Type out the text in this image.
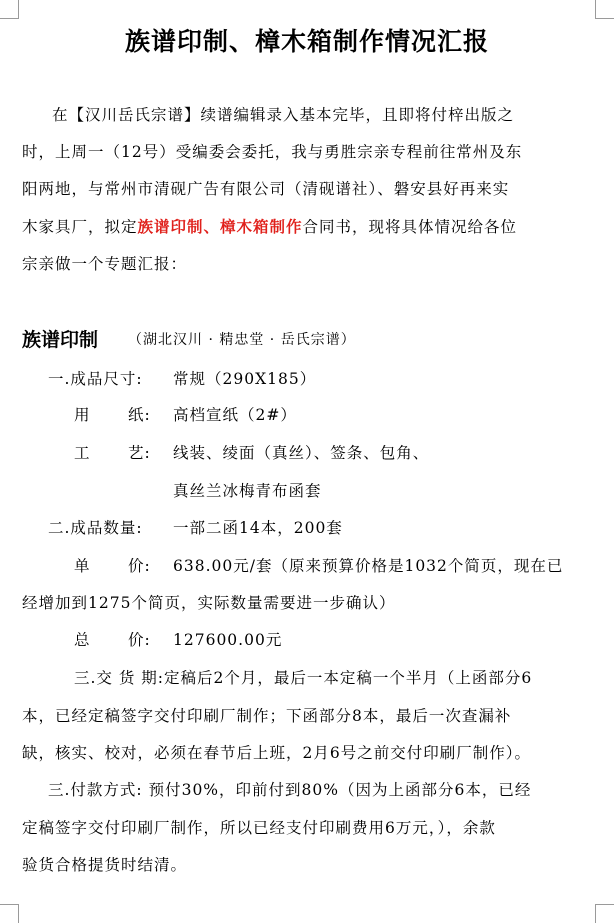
族谱印制、樟木箱制作情况汇报
在【汉川岳氏宗谱】续谱编辑录入基本完毕，且即将付梓出版之
时，上周一（12号）受编委会委托，我与勇胜宗亲专程前往常州及东
阳两地，与常州市清砚广告有限公司（清砚谱社）、磐安县好再来实
木家具厂，拟定族谱印制、樟木箱制作合同书，现将具体情况给各位
宗亲做一个专题汇报：
族谱印制 （湖北汉川 · 精忠堂 · 岳氏宗谱）
一.成品尺寸: 常规（290X185）
用 纸: 高档宣纸（2#）
工 艺: 线装、绫面（真丝）、签条、包角、
真丝兰冰梅青布函套
二.成品数量: 一部二函14本，200套
单 价: 638.00元/套（原来预算价格是1032个简页，现在已
经增加到1275个简页，实际数量需要进一步确认）
总 价: 127600.00元
三.交 货 期:定稿后2个月，最后一本定稿一个半月（上函部分6
本，已经定稿签字交付印刷厂制作；下函部分8本，最后一次查漏补
缺，核实、校对，必须在春节后上班，2月6号之前交付印刷厂制作）。
三.付款方式: 预付30%，印前付到80%（因为上函部分6本，已经
定稿签字交付印刷厂制作，所以已经支付印刷费用6万元，），余款
验货合格提货时结清。
